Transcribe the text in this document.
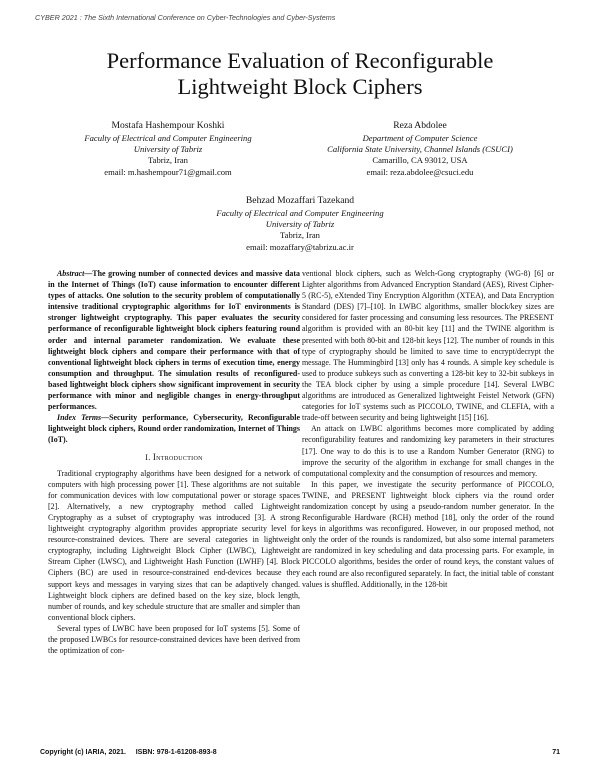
CYBER 2021 : The Sixth International Conference on Cyber-Technologies and Cyber-Systems
Performance Evaluation of Reconfigurable
Lightweight Block Ciphers
Mostafa Hashempour Koshki
Faculty of Electrical and Computer Engineering
University of Tabriz
Tabriz, Iran
email: m.hashempour71@gmail.com
Reza Abdolee
Department of Computer Science
California State University, Channel Islands (CSUCI)
Camarillo, CA 93012, USA
email: reza.abdolee@csuci.edu
Behzad Mozaffari Tazekand
Faculty of Electrical and Computer Engineering
University of Tabriz
Tabriz, Iran
email: mozaffary@tabrizu.ac.ir

Abstract—The growing number of connected devices and massive data in the Internet of Things (IoT) cause information to encounter different types of attacks. One solution to the security problem of computationally intensive traditional cryptographic algorithms for IoT environments is stronger lightweight cryptography. This paper evaluates the security performance of reconfigurable lightweight block ciphers featuring round order and internal parameter randomization. We evaluate these lightweight block ciphers and compare their performance with that of conventional lightweight block ciphers in terms of execution time, energy consumption and throughput. The simulation results of reconfigured-based lightweight block ciphers show significant improvement in security performance with minor and negligible changes in energy-throughput performances.

Index Terms—Security performance, Cybersecurity, Reconfigurable lightweight block ciphers, Round order randomization, Internet of Things (IoT).

I. Introduction

Traditional cryptography algorithms have been designed for a network of computers with high processing power [1]. These algorithms are not suitable for communication devices with low computational power or storage spaces [2]. Alternatively, a new cryptography method called Lightweight Cryptography as a subset of cryptography was introduced [3]. A strong lightweight cryptography algorithm provides appropriate security level for resource-constrained devices. There are several categories in lightweight cryptography, including Lightweight Block Cipher (LWBC), Lightweight Stream Cipher (LWSC), and Lightweight Hash Function (LWHF) [4]. Block Ciphers (BC) are used in resource-constrained end-devices because they support keys and messages in varying sizes that can be adaptively changed. Lightweight block ciphers are defined based on the key size, block length, number of rounds, and key schedule structure that are smaller and simpler than conventional block ciphers.

Several types of LWBC have been proposed for IoT systems [5]. Some of the proposed LWBCs for resource-constrained devices have been derived from the optimization of con-

ventional block ciphers, such as Welch-Gong cryptography (WG-8) [6] or Lighter algorithms from Advanced Encryption Standard (AES), Rivest Cipher-5 (RC-5), eXtended Tiny Encryption Algorithm (XTEA), and Data Encryption Standard (DES) [7]–[10]. In LWBC algorithms, smaller block/key sizes are considered for faster processing and consuming less resources. The PRESENT algorithm is provided with an 80-bit key [11] and the TWINE algorithm is presented with both 80-bit and 128-bit keys [12]. The number of rounds in this type of cryptography should be limited to save time to encrypt/decrypt the message. The Hummingbird [13] only has 4 rounds. A simple key schedule is used to produce subkeys such as converting a 128-bit key to 32-bit subkeys in the TEA block cipher by using a simple procedure [14]. Several LWBC algorithms are introduced as Generalized lightweight Feistel Network (GFN) categories for IoT systems such as PICCOLO, TWINE, and CLEFIA, with a trade-off between security and being lightweight [15] [16].

An attack on LWBC algorithms becomes more complicated by adding reconfigurability features and randomizing key parameters in their structures [17]. One way to do this is to use a Random Number Generator (RNG) to improve the security of the algorithm in exchange for small changes in the computational complexity and the consumption of resources and memory.

In this paper, we investigate the security performance of PICCOLO, TWINE, and PRESENT lightweight block ciphers via the round order randomization concept by using a pseudo-random number generator. In the Reconfigurable Hardware (RCH) method [18], only the order of the round keys in algorithms was reconfigured. However, in our proposed method, not only the order of the rounds is randomized, but also some internal parameters are randomized in key scheduling and data processing parts. For example, in PICCOLO algorithms, besides the order of round keys, the constant values of each round are also reconfigured separately. In fact, the initial table of constant values is shuffled. Additionally, in the 128-bit

Copyright (c) IARIA, 2021. ISBN: 978-1-61208-893-8	71
